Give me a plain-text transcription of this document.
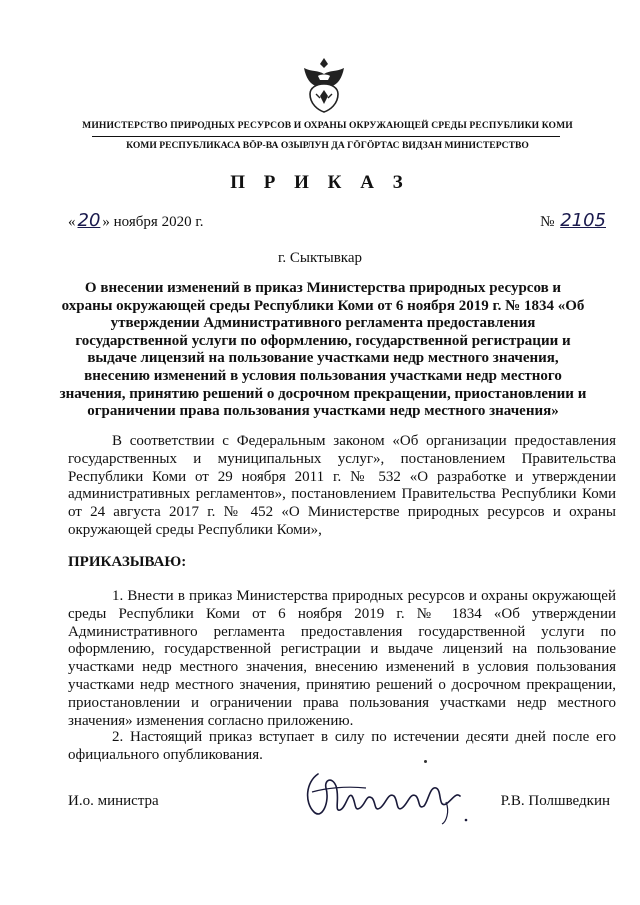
МИНИСТЕРСТВО ПРИРОДНЫХ РЕСУРСОВ И ОХРАНЫ ОКРУЖАЮЩЕЙ СРЕДЫ РЕСПУБЛИКИ КОМИ
КОМИ РЕСПУБЛИКАСА ВÖР-ВА ОЗЫРЛУН ДА ГÖГÖРТАС ВИДЗАН МИНИСТЕРСТВО
П Р И К А З
« 20 » ноября 2020 г.	№ 2105
г. Сыктывкар
О внесении изменений в приказ Министерства природных ресурсов и охраны окружающей среды Республики Коми от 6 ноября 2019 г. № 1834 «Об утверждении Административного регламента предоставления государственной услуги по оформлению, государственной регистрации и выдаче лицензий на пользование участками недр местного значения, внесению изменений в условия пользования участками недр местного значения, принятию решений о досрочном прекращении, приостановлении и ограничении права пользования участками недр местного значения»
В соответствии с Федеральным законом «Об организации предоставления государственных и муниципальных услуг», постановлением Правительства Республики Коми от 29 ноября 2011 г. № 532 «О разработке и утверждении административных регламентов», постановлением Правительства Республики Коми от 24 августа 2017 г. № 452 «О Министерстве природных ресурсов и охраны окружающей среды Республики Коми»,
ПРИКАЗЫВАЮ:
1. Внести в приказ Министерства природных ресурсов и охраны окружающей среды Республики Коми от 6 ноября 2019 г. № 1834 «Об утверждении Административного регламента предоставления государственной услуги по оформлению, государственной регистрации и выдаче лицензий на пользование участками недр местного значения, внесению изменений в условия пользования участками недр местного значения, принятию решений о досрочном прекращении, приостановлении и ограничении права пользования участками недр местного значения» изменения согласно приложению.
2. Настоящий приказ вступает в силу по истечении десяти дней после его официального опубликования.
И.о. министра	Р.В. Полшведкин
